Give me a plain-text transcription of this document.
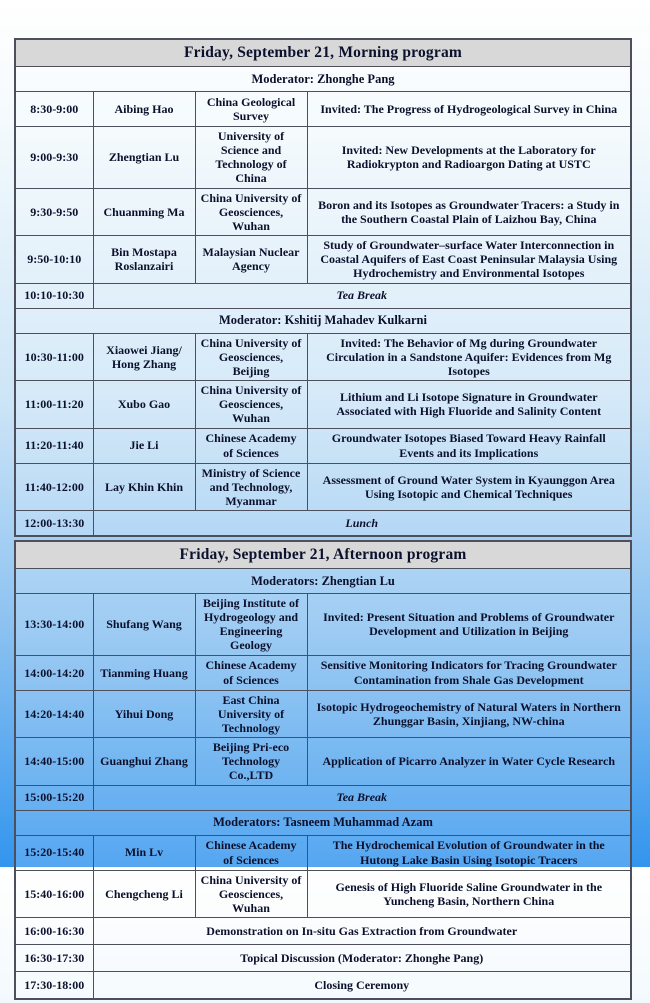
Friday, September 21, Morning program			
Moderator: Zhonghe Pang			
8:30-9:00	Aibing Hao	China Geological Survey	Invited: The Progress of Hydrogeological Survey in China
9:00-9:30	Zhengtian Lu	University of Science and Technology of China	Invited: New Developments at the Laboratory for Radiokrypton and Radioargon Dating at USTC
9:30-9:50	Chuanming Ma	China University of Geosciences, Wuhan	Boron and its Isotopes as Groundwater Tracers: a Study in the Southern Coastal Plain of Laizhou Bay, China
9:50-10:10	Bin Mostapa Roslanzairi	Malaysian Nuclear Agency	Study of Groundwater–surface Water Interconnection in Coastal Aquifers of East Coast Peninsular Malaysia Using Hydrochemistry and Environmental Isotopes
10:10-10:30	Tea Break		
Moderator: Kshitij Mahadev Kulkarni			
10:30-11:00	Xiaowei Jiang/ Hong Zhang	China University of Geosciences, Beijing	Invited: The Behavior of Mg during Groundwater Circulation in a Sandstone Aquifer: Evidences from Mg Isotopes
11:00-11:20	Xubo Gao	China University of Geosciences, Wuhan	Lithium and Li Isotope Signature in Groundwater Associated with High Fluoride and Salinity Content
11:20-11:40	Jie Li	Chinese Academy of Sciences	Groundwater Isotopes Biased Toward Heavy Rainfall Events and its Implications
11:40-12:00	Lay Khin Khin	Ministry of Science and Technology, Myanmar	Assessment of Ground Water System in Kyaunggon Area Using Isotopic and Chemical Techniques
12:00-13:30	Lunch		
Friday, September 21, Afternoon program			
Moderators: Zhengtian Lu			
13:30-14:00	Shufang Wang	Beijing Institute of Hydrogeology and Engineering Geology	Invited: Present Situation and Problems of Groundwater Development and Utilization in Beijing
14:00-14:20	Tianming Huang	Chinese Academy of Sciences	Sensitive Monitoring Indicators for Tracing Groundwater Contamination from Shale Gas Development
14:20-14:40	Yihui Dong	East China University of Technology	Isotopic Hydrogeochemistry of Natural Waters in Northern Zhunggar Basin, Xinjiang, NW-china
14:40-15:00	Guanghui Zhang	Beijing Pri-eco Technology Co.,LTD	Application of Picarro Analyzer in Water Cycle Research
15:00-15:20	Tea Break		
Moderators: Tasneem Muhammad Azam			
15:20-15:40	Min Lv	Chinese Academy of Sciences	The Hydrochemical Evolution of Groundwater in the Hutong Lake Basin Using Isotopic Tracers
15:40-16:00	Chengcheng Li	China University of Geosciences, Wuhan	Genesis of High Fluoride Saline Groundwater in the Yuncheng Basin, Northern China
16:00-16:30	Demonstration on In-situ Gas Extraction from Groundwater		
16:30-17:30	Topical Discussion (Moderator: Zhonghe Pang)		
17:30-18:00	Closing Ceremony		
